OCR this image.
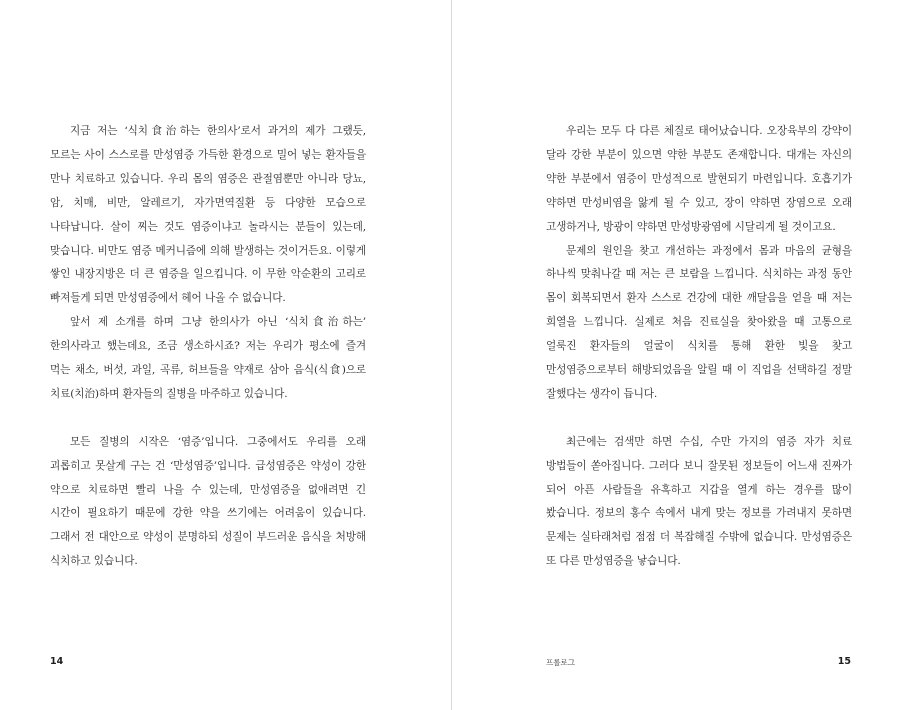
지금 저는 ‘식치食治하는 한의사’로서 과거의 제가 그랬듯, 모르는 사이 스스로를 만성염증 가득한 환경으로 밀어 넣는 환자들을 만나 치료하고 있습니다. 우리 몸의 염증은 관절염뿐만 아니라 당뇨, 암, 치매, 비만, 알레르기, 자가면역질환 등 다양한 모습으로 나타납니다. 살이 찌는 것도 염증이냐고 놀라시는 분들이 있는데, 맞습니다. 비만도 염증 메커니즘에 의해 발생하는 것이거든요. 이렇게 쌓인 내장지방은 더 큰 염증을 일으킵니다. 이 무한 악순환의 고리로 빠져들게 되면 만성염증에서 헤어 나올 수 없습니다.

앞서 제 소개를 하며 그냥 한의사가 아닌 ‘식치食治하는’ 한의사라고 했는데요, 조금 생소하시죠? 저는 우리가 평소에 즐겨 먹는 채소, 버섯, 과일, 곡류, 허브들을 약재로 삼아 음식(식食)으로 치료(치治)하며 환자들의 질병을 마주하고 있습니다.

모든 질병의 시작은 ‘염증’입니다. 그중에서도 우리를 오래 괴롭히고 못살게 구는 건 ‘만성염증’입니다. 급성염증은 약성이 강한 약으로 치료하면 빨리 나을 수 있는데, 만성염증을 없애려면 긴 시간이 필요하기 때문에 강한 약을 쓰기에는 어려움이 있습니다. 그래서 전 대안으로 약성이 분명하되 성질이 부드러운 음식을 처방해 식치하고 있습니다.

14

우리는 모두 다 다른 체질로 태어났습니다. 오장육부의 강약이 달라 강한 부분이 있으면 약한 부분도 존재합니다. 대개는 자신의 약한 부분에서 염증이 만성적으로 발현되기 마련입니다. 호흡기가 약하면 만성비염을 앓게 될 수 있고, 장이 약하면 장염으로 오래 고생하거나, 방광이 약하면 만성방광염에 시달리게 될 것이고요.

문제의 원인을 찾고 개선하는 과정에서 몸과 마음의 균형을 하나씩 맞춰나갈 때 저는 큰 보람을 느낍니다. 식치하는 과정 동안 몸이 회복되면서 환자 스스로 건강에 대한 깨달음을 얻을 때 저는 희열을 느낍니다. 실제로 처음 진료실을 찾아왔을 때 고통으로 얼룩진 환자들의 얼굴이 식치를 통해 환한 빛을 찾고 만성염증으로부터 해방되었음을 알릴 때 이 직업을 선택하길 정말 잘했다는 생각이 듭니다.

최근에는 검색만 하면 수십, 수만 가지의 염증 자가 치료 방법들이 쏟아집니다. 그러다 보니 잘못된 정보들이 어느새 진짜가 되어 아픈 사람들을 유혹하고 지갑을 열게 하는 경우를 많이 봤습니다. 정보의 홍수 속에서 내게 맞는 정보를 가려내지 못하면 문제는 실타래처럼 점점 더 복잡해질 수밖에 없습니다. 만성염증은 또 다른 만성염증을 낳습니다.

프롤로그	15
